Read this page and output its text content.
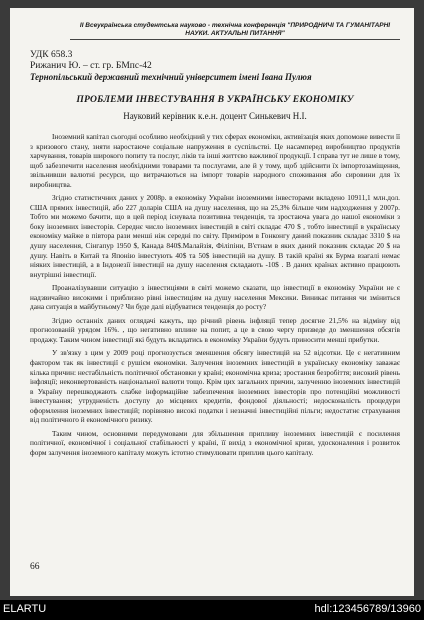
ІІ Всеукраїнська студентська науково - технічна конференція "ПРИРОДНИЧІ ТА ГУМАНІТАРНІ НАУКИ. АКТУАЛЬНІ ПИТАННЯ"
УДК 658.3
Рижанич Ю. – ст. гр. БМпс-42
Тернопільський державний технічний університет імені Івана Пулюя
ПРОБЛЕМИ ІНВЕСТУВАННЯ В УКРАЇНСЬКУ ЕКОНОМІКУ
Науковий керівник к.е.н. доцент Синькевич Н.І.

Іноземний капітал сьогодні особливо необхідний у тих сферах економіки, активізація яких допоможе вивести її з кризового стану, зняти наростаюче соціальне напруження в суспільстві. Це насамперед виробництво продуктів харчування, товарів широкого попиту та послуг, ліків та інші життєво важливої продукції. І справа тут не лише в тому, щоб забезпечити населення необхідними товарами та послугами, але й у тому, щоб здійснити їх імпортозаміщення, звільнивши валютні ресурси, що витрачаються на імпорт товарів народного споживання або сировини для їх виробництва.

Згідно статистичних даних у 2008р. в економіку України іноземними інвесторами вкладено 10911,1 млн.дол. США прямих інвестицій, або 227 доларів США на душу населення, що на 25,3% більше чим надходження у 2007р. Тобто ми можемо бачити, що в цей період існувала позитивна тенденція, та зростаюча увага до нашої економіки з боку іноземних інвесторів. Середнє число іноземних інвестицій в світі складає 470 $ , тобто інвестиції в українську економіку майже в півтора рази менші ніж середні по світу. Приміром в Гонконгу даний показник складає 3310 $ на душу населення, Сінгапур 1950 $, Канада 840$.Малайзія, Філіпіни, В'єтнам в яких даний показник складає 20 $ на душу. Навіть в Китай та Японію інвестують 40$ та 50$ інвестицій на душу. В такій країні як Бурма взагалі немає ніяких інвестицій, а в Індонезії інвестиції на душу населення складають -10$ . В даних країнах активно працюють внутрішні інвестиції.

Проаналізувавши ситуацію з інвестиціями в світі можемо сказати, що інвестиції в економіку України не є надзвичайно високими і приблизно рівні інвестиціям на душу населення Мексики. Виникає питання чи зміниться дана ситуація в майбутньому? Чи буде далі відбуватися тенденція до росту?

Згідно останніх даних оглядачі кажуть, що річний рівень інфляції тепер досягне 21,5% на відміну від прогнозованій урядом 16%. , що негативно вплине на попит, а це в свою чергу призведе до зменшення обсягів продажу. Таким чином інвестиції які будуть вкладатись в економіку України будуть приносити менші прибутки.

У зв'язку з цим у 2009 році прогнозується зменшення обсягу інвестицій на 52 відсотки. Це є негативним фактором так як інвестиції є рушієм економіки. Залучення іноземних інвестицій в українську економіку заважає кілька причин: нестабільність політичної обстановки у країні; економічна криза; зростання безробіття; високий рівень інфляції; неконвертованість національної валюти тощо. Крім цих загальних причин, залученню іноземних інвестицій в Україну перешкоджають слабке інформаційне забезпечення іноземних інвесторів про потенційні можливості інвестування; утрудненість доступу до місцевих кредитів, фондової діяльності; недосконалість процедури оформлення іноземних інвестицій; порівняно високі податки і незначні інвестиційні пільги; недостатнє страхування від політичного й економічного ризику.

Таким чином, основними передумовами для збільшення припливу іноземних інвестицій є посилення політичної, економічної і соціальної стабільності у країні, її вихід з економічної кризи, удосконалення і розвиток форм залучення іноземного капіталу можуть істотно стимулювати приплив цього капіталу.

66
ELARTU	hdl:123456789/13960
